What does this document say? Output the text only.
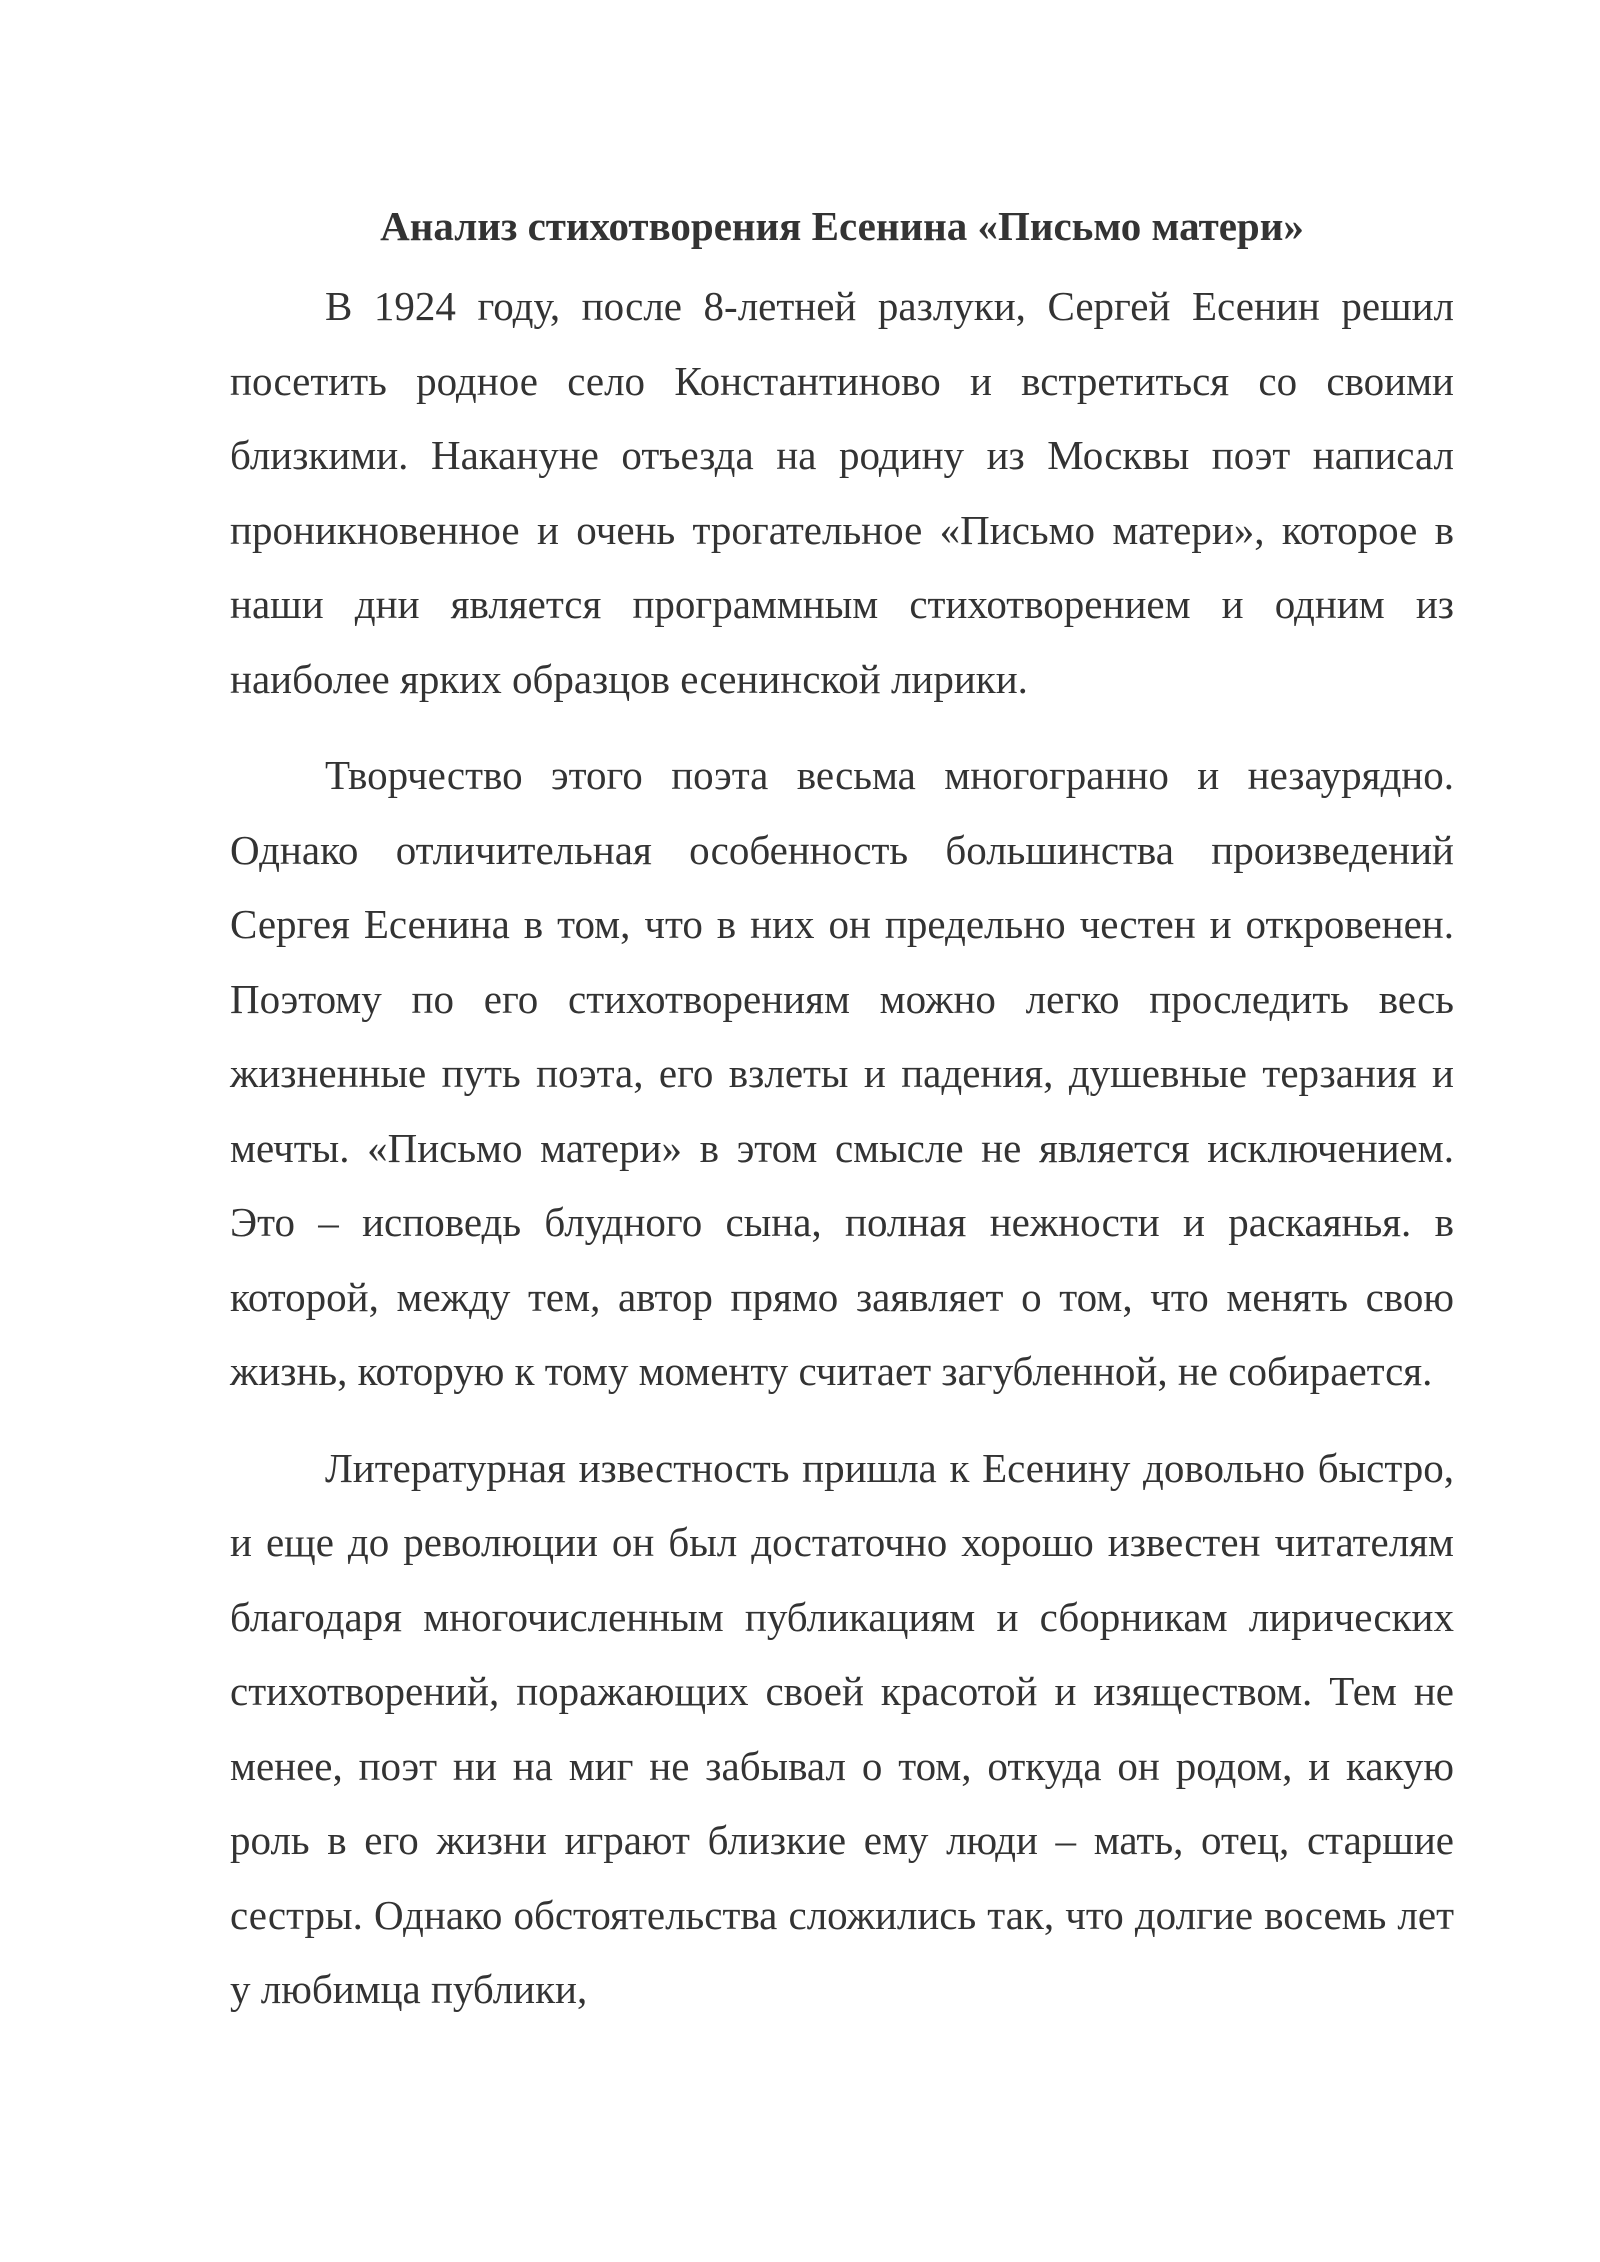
Анализ стихотворения Есенина «Письмо матери»

В 1924 году, после 8-летней разлуки, Сергей Есенин решил посетить родное село Константиново и встретиться со своими близкими. Накануне отъезда на родину из Москвы поэт написал проникновенное и очень трогательное «Письмо матери», которое в наши дни является программным стихотворением и одним из наиболее ярких образцов есенинской лирики.

Творчество этого поэта весьма многогранно и незаурядно. Однако отличительная особенность большинства произведений Сергея Есенина в том, что в них он предельно честен и откровенен. Поэтому по его стихотворениям можно легко проследить весь жизненные путь поэта, его взлеты и падения, душевные терзания и мечты. «Письмо матери» в этом смысле не является исключением. Это – исповедь блудного сына, полная нежности и раскаянья. в которой, между тем, автор прямо заявляет о том, что менять свою жизнь, которую к тому моменту считает загубленной, не собирается.

Литературная известность пришла к Есенину довольно быстро, и еще до революции он был достаточно хорошо известен читателям благодаря многочисленным публикациям и сборникам лирических стихотворений, поражающих своей красотой и изяществом. Тем не менее, поэт ни на миг не забывал о том, откуда он родом, и какую роль в его жизни играют близкие ему люди – мать, отец, старшие сестры. Однако обстоятельства сложились так, что долгие восемь лет у любимца публики,
